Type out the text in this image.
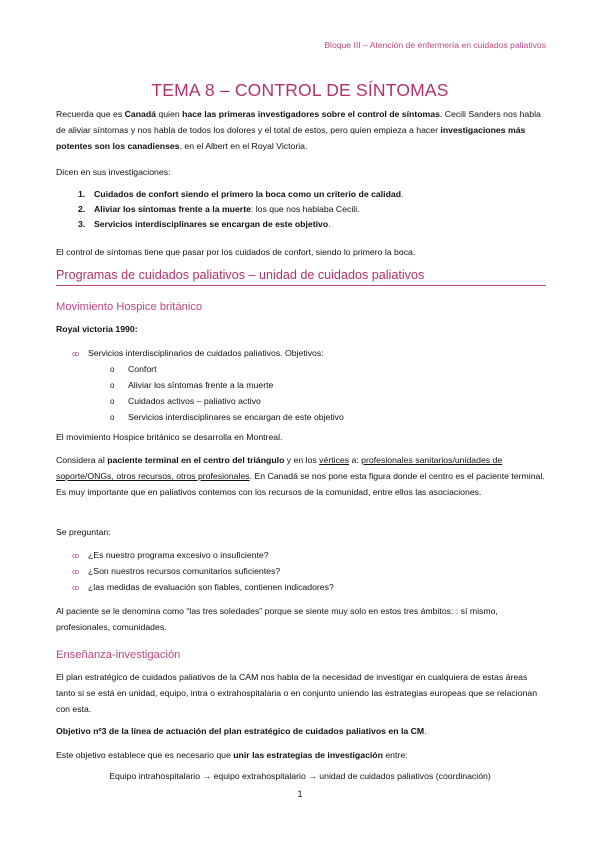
Bloque III – Atención de enfermería en cuidados paliativos
TEMA 8 – CONTROL DE SÍNTOMAS
Recuerda que es Canadá quien hace las primeras investigadores sobre el control de síntomas. Cecili Sanders nos habla de aliviar síntomas y nos habla de todos los dolores y el total de estos, pero quien empieza a hacer investigaciones más potentes son los canadienses, en el Albert en el Royal Victoria.
Dicen en sus investigaciones:
1. Cuidados de confort siendo el primero la boca como un criterio de calidad.
2. Aliviar los síntomas frente a la muerte: los que nos hablaba Cecili.
3. Servicios interdisciplinares se encargan de este objetivo.
El control de síntomas tiene que pasar por los cuidados de confort, siendo lo primero la boca.
Programas de cuidados paliativos – unidad de cuidados paliativos
Movimiento Hospice británico
Royal victoria 1990:
ꝏ Servicios interdisciplinarios de cuidados paliativos. Objetivos:
o Confort
o Aliviar los síntomas frente a la muerte
o Cuidados activos – paliativo activo
o Servicios interdisciplinares se encargan de este objetivo
El movimiento Hospice británico se desarrolla en Montreal.
Considera al paciente terminal en el centro del triángulo y en los vértices a: profesionales sanitarios/unidades de soporte/ONGs, otros recursos, otros profesionales. En Canadá se nos pone esta figura donde el centro es el paciente terminal. Es muy importante que en paliativos contemos con los recursos de la comunidad, entre ellos las asociaciones.
Se preguntan:
ꝏ ¿Es nuestro programa excesivo o insuficiente?
ꝏ ¿Son nuestros recursos comunitarios suficientes?
ꝏ ¿las medidas de evaluación son fiables, contienen indicadores?
Al paciente se le denomina como “las tres soledades” porque se siente muy solo en estos tres ámbitos: : sí mismo, profesionales, comunidades.
Enseñanza-investigación
El plan estratégico de cuidados paliativos de la CAM nos habla de la necesidad de investigar en cualquiera de estas áreas tanto si se está en unidad, equipo, intra o extrahospitalaria o en conjunto uniendo las estrategias europeas que se relacionan con esta.
Objetivo nº3 de la línea de actuación del plan estratégico de cuidados paliativos en la CM.
Este objetivo establece que es necesario que unir las estrategias de investigación entre:
Equipo intrahospitalario → equipo extrahospitalario → unidad de cuidados paliativos (coordinación)
1
